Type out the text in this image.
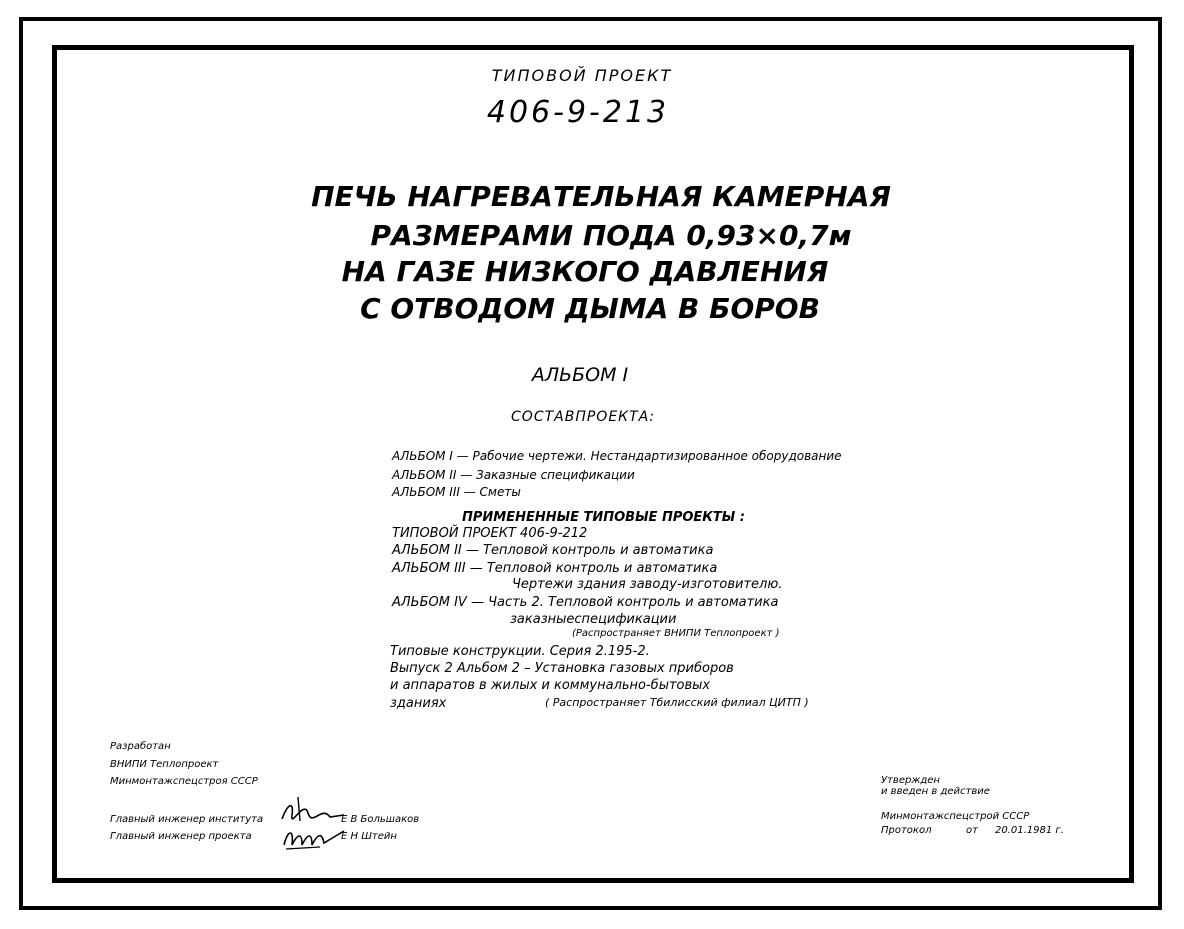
ТИПОВОЙ ПРОЕКТ
406-9-213
ПЕЧЬ НАГРЕВАТЕЛЬНАЯ КАМЕРНАЯ
РАЗМЕРАМИ ПОДА 0,93×0,7м
НА ГАЗЕ НИЗКОГО ДАВЛЕНИЯ
С ОТВОДОМ ДЫМА В БОРОВ
АЛЬБОМ I
СОСТАВПРОЕКТА:
АЛЬБОМ I — Рабочие чертежи. Нестандартизированное оборудование
АЛЬБОМ II — Заказные спецификации
АЛЬБОМ III — Сметы
ПРИМЕНЕННЫЕ ТИПОВЫЕ ПРОЕКТЫ :
ТИПОВОЙ ПРОЕКТ 406-9-212
АЛЬБОМ II — Тепловой контроль и автоматика
АЛЬБОМ III — Тепловой контроль и автоматика
Чертежи здания заводу-изготовителю.
АЛЬБОМ IV — Часть 2. Тепловой контроль и автоматика
заказныеспецификации
(Распространяет ВНИПИ Теплопроект )
Типовые конструкции. Серия 2.195-2.
Выпуск 2 Альбом 2 – Установка газовых приборов
и аппаратов в жилых и коммунально-бытовых
зданиях	( Распространяет Тбилисский филиал ЦИТП )
Разработан
ВНИПИ Теплопроект
Минмонтажспецстроя СССР
Главный инженер института	Е В Большаков
Главный инженер проекта	Е Н Штейн
Утвержден
и введен в действие
Минмонтажспецстрой СССР
Протокол	от 20.01.1981 г.
